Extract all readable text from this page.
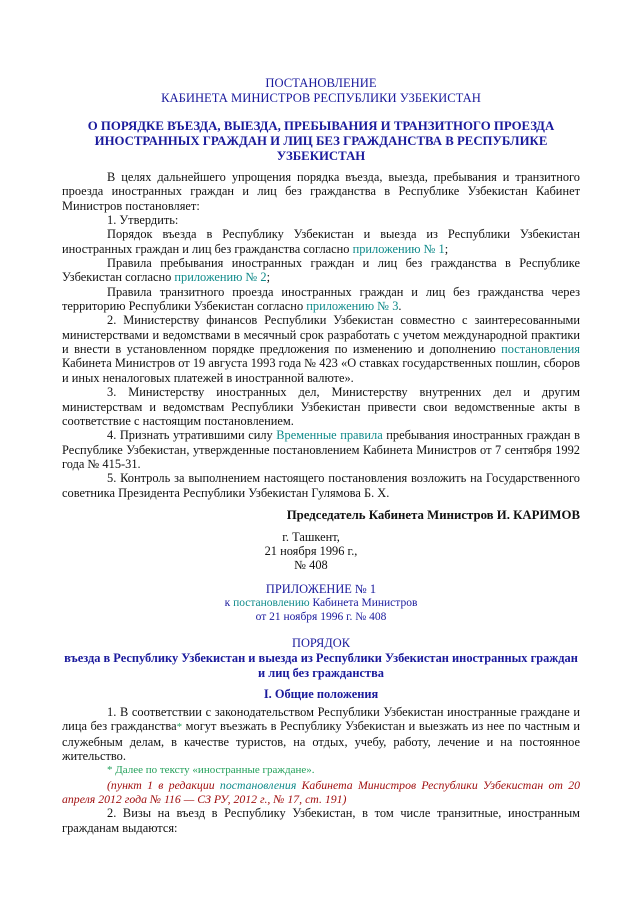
ПОСТАНОВЛЕНИЕ
КАБИНЕТА МИНИСТРОВ РЕСПУБЛИКИ УЗБЕКИСТАН
О ПОРЯДКЕ ВЪЕЗДА, ВЫЕЗДА, ПРЕБЫВАНИЯ И ТРАНЗИТНОГО ПРОЕЗДА ИНОСТРАННЫХ ГРАЖДАН И ЛИЦ БЕЗ ГРАЖДАНСТВА В РЕСПУБЛИКЕ УЗБЕКИСТАН

В целях дальнейшего упрощения порядка въезда, выезда, пребывания и транзитного проезда иностранных граждан и лиц без гражданства в Республике Узбекистан Кабинет Министров постановляет:

1. Утвердить:

Порядок въезда в Республику Узбекистан и выезда из Республики Узбекистан иностранных граждан и лиц без гражданства согласно приложению № 1;

Правила пребывания иностранных граждан и лиц без гражданства в Республике Узбекистан согласно приложению № 2;

Правила транзитного проезда иностранных граждан и лиц без гражданства через территорию Республики Узбекистан согласно приложению № 3.

2. Министерству финансов Республики Узбекистан совместно с заинтересованными министерствами и ведомствами в месячный срок разработать с учетом международной практики и внести в установленном порядке предложения по изменению и дополнению постановления Кабинета Министров от 19 августа 1993 года № 423 «О ставках государственных пошлин, сборов и иных неналоговых платежей в иностранной валюте».

3. Министерству иностранных дел, Министерству внутренних дел и другим министерствам и ведомствам Республики Узбекистан привести свои ведомственные акты в соответствие с настоящим постановлением.

4. Признать утратившими силу Временные правила пребывания иностранных граждан в Республике Узбекистан, утвержденные постановлением Кабинета Министров от 7 сентября 1992 года № 415-31.

5. Контроль за выполнением настоящего постановления возложить на Государственного советника Президента Республики Узбекистан Гулямова Б. Х.

Председатель Кабинета Министров И. КАРИМОВ
г. Ташкент,
21 ноября 1996 г.,
№ 408
ПРИЛОЖЕНИЕ № 1
к постановлению Кабинета Министров
от 21 ноября 1996 г. № 408
ПОРЯДОК
въезда в Республику Узбекистан и выезда из Республики Узбекистан иностранных граждан и лиц без гражданства
I. Общие положения

1. В соответствии с законодательством Республики Узбекистан иностранные граждане и лица без гражданства* могут въезжать в Республику Узбекистан и выезжать из нее по частным и служебным делам, в качестве туристов, на отдых, учебу, работу, лечение и на постоянное жительство.

* Далее по тексту «иностранные граждане».

(пункт 1 в редакции постановления Кабинета Министров Республики Узбекистан от 20 апреля 2012 года № 116 — СЗ РУ, 2012 г., № 17, ст. 191)

2. Визы на въезд в Республику Узбекистан, в том числе транзитные, иностранным гражданам выдаются:
